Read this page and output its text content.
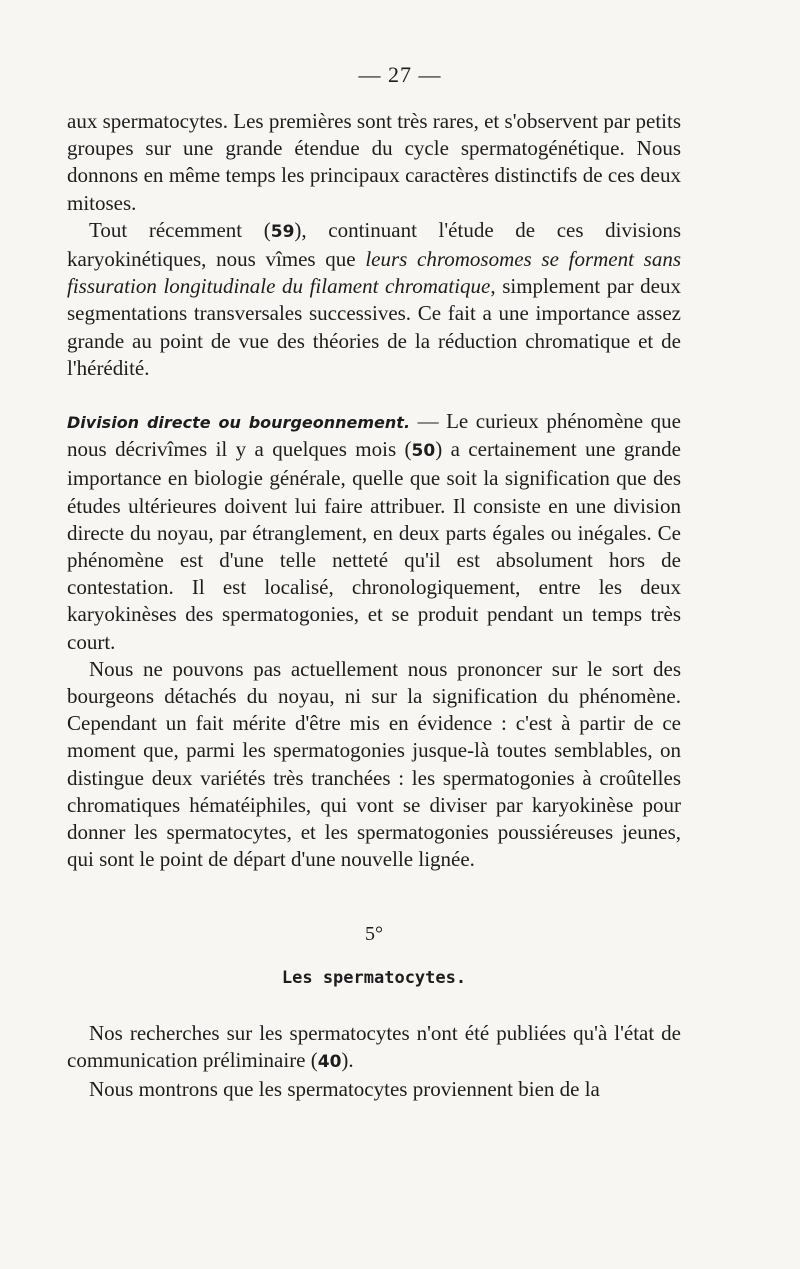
— 27 —

aux spermatocytes. Les premières sont très rares, et s'observent par petits groupes sur une grande étendue du cycle spermatogénétique. Nous donnons en même temps les principaux caractères distinctifs de ces deux mitoses.

Tout récemment (59), continuant l'étude de ces divisions karyokinétiques, nous vîmes que leurs chromosomes se forment sans fissuration longitudinale du filament chromatique, simplement par deux segmentations transversales successives. Ce fait a une importance assez grande au point de vue des théories de la réduction chromatique et de l'hérédité.

Division directe ou bourgeonnement. — Le curieux phénomène que nous décrivîmes il y a quelques mois (50) a certainement une grande importance en biologie générale, quelle que soit la signification que des études ultérieures doivent lui faire attribuer. Il consiste en une division directe du noyau, par étranglement, en deux parts égales ou inégales. Ce phénomène est d'une telle netteté qu'il est absolument hors de contestation. Il est localisé, chronologiquement, entre les deux karyokinèses des spermatogonies, et se produit pendant un temps très court.

Nous ne pouvons pas actuellement nous prononcer sur le sort des bourgeons détachés du noyau, ni sur la signification du phénomène. Cependant un fait mérite d'être mis en évidence : c'est à partir de ce moment que, parmi les spermatogonies jusque-là toutes semblables, on distingue deux variétés très tranchées : les spermatogonies à croûtelles chromatiques hématéiphiles, qui vont se diviser par karyokinèse pour donner les spermatocytes, et les spermatogonies poussiéreuses jeunes, qui sont le point de départ d'une nouvelle lignée.

5°
Les spermatocytes.

Nos recherches sur les spermatocytes n'ont été publiées qu'à l'état de communication préliminaire (40).

Nous montrons que les spermatocytes proviennent bien de la
